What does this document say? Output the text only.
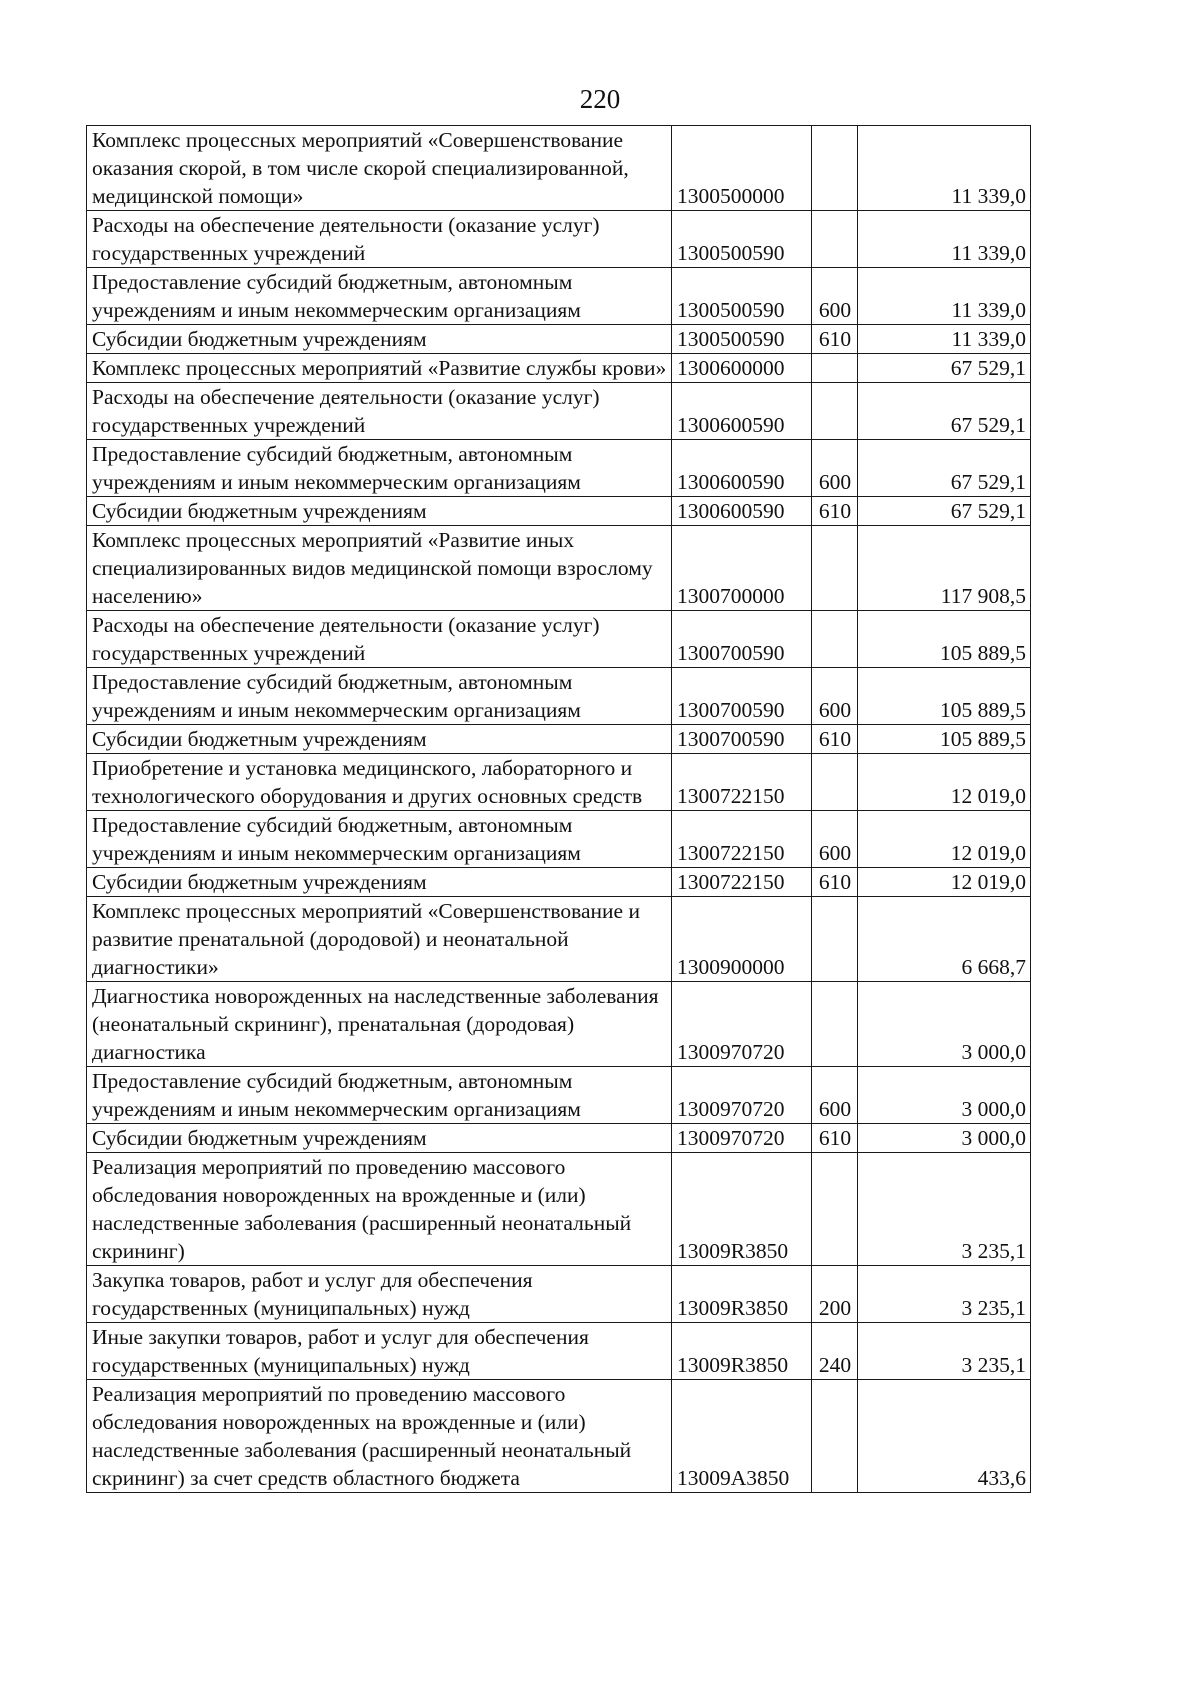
220
Комплекс процессных мероприятий «Совершенствование оказания скорой, в том числе скорой специализированной, медицинской помощи»	1300500000		11 339,0
Расходы на обеспечение деятельности (оказание услуг) государственных учреждений	1300500590		11 339,0
Предоставление субсидий бюджетным, автономным учреждениям и иным некоммерческим организациям	1300500590	600	11 339,0
Субсидии бюджетным учреждениям	1300500590	610	11 339,0
Комплекс процессных мероприятий «Развитие службы крови»	1300600000		67 529,1
Расходы на обеспечение деятельности (оказание услуг) государственных учреждений	1300600590		67 529,1
Предоставление субсидий бюджетным, автономным учреждениям и иным некоммерческим организациям	1300600590	600	67 529,1
Субсидии бюджетным учреждениям	1300600590	610	67 529,1
Комплекс процессных мероприятий «Развитие иных специализированных видов медицинской помощи взрослому населению»	1300700000		117 908,5
Расходы на обеспечение деятельности (оказание услуг) государственных учреждений	1300700590		105 889,5
Предоставление субсидий бюджетным, автономным учреждениям и иным некоммерческим организациям	1300700590	600	105 889,5
Субсидии бюджетным учреждениям	1300700590	610	105 889,5
Приобретение и установка медицинского, лабораторного и технологического оборудования и других основных средств	1300722150		12 019,0
Предоставление субсидий бюджетным, автономным учреждениям и иным некоммерческим организациям	1300722150	600	12 019,0
Субсидии бюджетным учреждениям	1300722150	610	12 019,0
Комплекс процессных мероприятий «Совершенствование и развитие пренатальной (дородовой) и неонатальной диагностики»	1300900000		6 668,7
Диагностика новорожденных на наследственные заболевания (неонатальный скрининг), пренатальная (дородовая) диагностика	1300970720		3 000,0
Предоставление субсидий бюджетным, автономным учреждениям и иным некоммерческим организациям	1300970720	600	3 000,0
Субсидии бюджетным учреждениям	1300970720	610	3 000,0
Реализация мероприятий по проведению массового обследования новорожденных на врожденные и (или) наследственные заболевания (расширенный неонатальный скрининг)	13009R3850		3 235,1
Закупка товаров, работ и услуг для обеспечения государственных (муниципальных) нужд	13009R3850	200	3 235,1
Иные закупки товаров, работ и услуг для обеспечения государственных (муниципальных) нужд	13009R3850	240	3 235,1
Реализация мероприятий по проведению массового обследования новорожденных на врожденные и (или) наследственные заболевания (расширенный неонатальный скрининг) за счет средств областного бюджета	13009А3850		433,6
